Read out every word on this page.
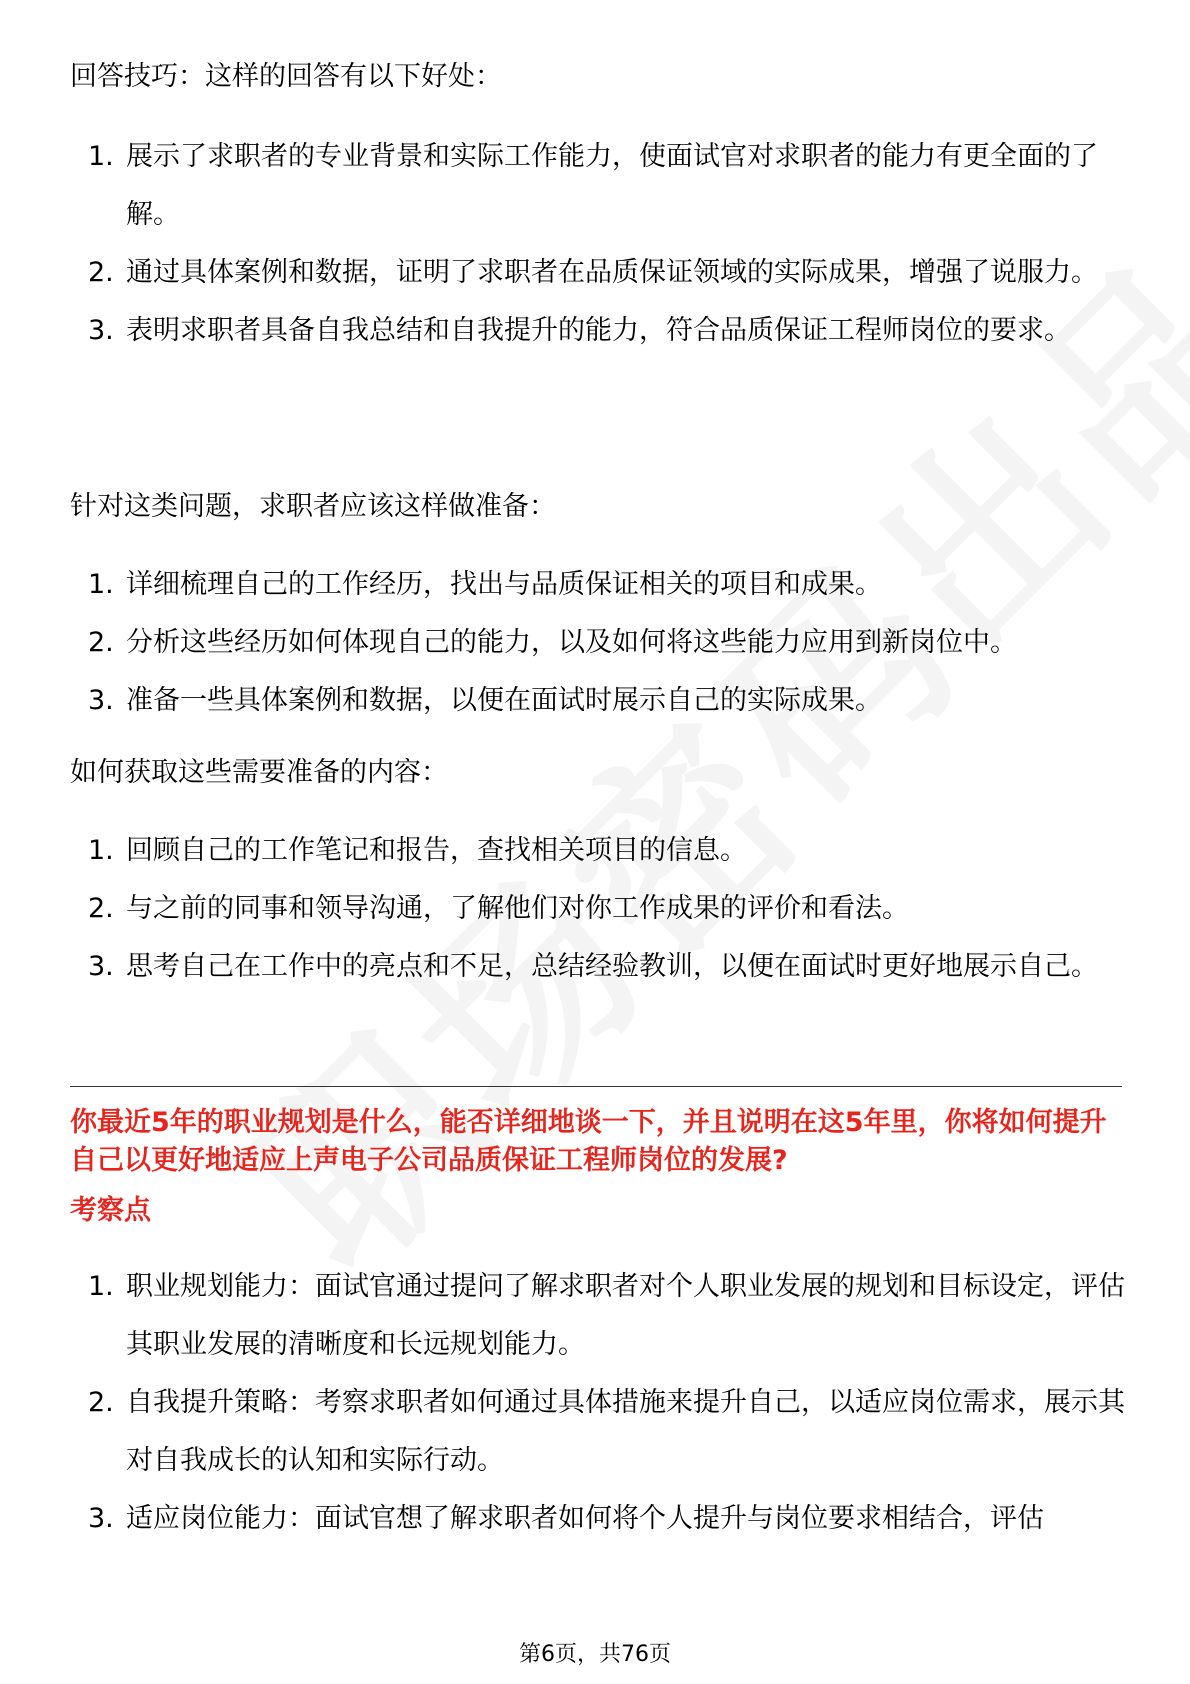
回答技巧：这样的回答有以下好处：
1. 展示了求职者的专业背景和实际工作能力，使面试官对求职者的能力有更全面的了解。
2. 通过具体案例和数据，证明了求职者在品质保证领域的实际成果，增强了说服力。
3. 表明求职者具备自我总结和自我提升的能力，符合品质保证工程师岗位的要求。
针对这类问题，求职者应该这样做准备：
1. 详细梳理自己的工作经历，找出与品质保证相关的项目和成果。
2. 分析这些经历如何体现自己的能力，以及如何将这些能力应用到新岗位中。
3. 准备一些具体案例和数据，以便在面试时展示自己的实际成果。
如何获取这些需要准备的内容：
1. 回顾自己的工作笔记和报告，查找相关项目的信息。
2. 与之前的同事和领导沟通，了解他们对你工作成果的评价和看法。
3. 思考自己在工作中的亮点和不足，总结经验教训，以便在面试时更好地展示自己。
你最近5年的职业规划是什么，能否详细地谈一下，并且说明在这5年里，你将如何提升自己以更好地适应上声电子公司品质保证工程师岗位的发展?
考察点
1. 职业规划能力：面试官通过提问了解求职者对个人职业发展的规划和目标设定，评估其职业发展的清晰度和长远规划能力。
2. 自我提升策略：考察求职者如何通过具体措施来提升自己，以适应岗位需求，展示其对自我成长的认知和实际行动。
3. 适应岗位能力：面试官想了解求职者如何将个人提升与岗位要求相结合，评估
第6页，共76页
